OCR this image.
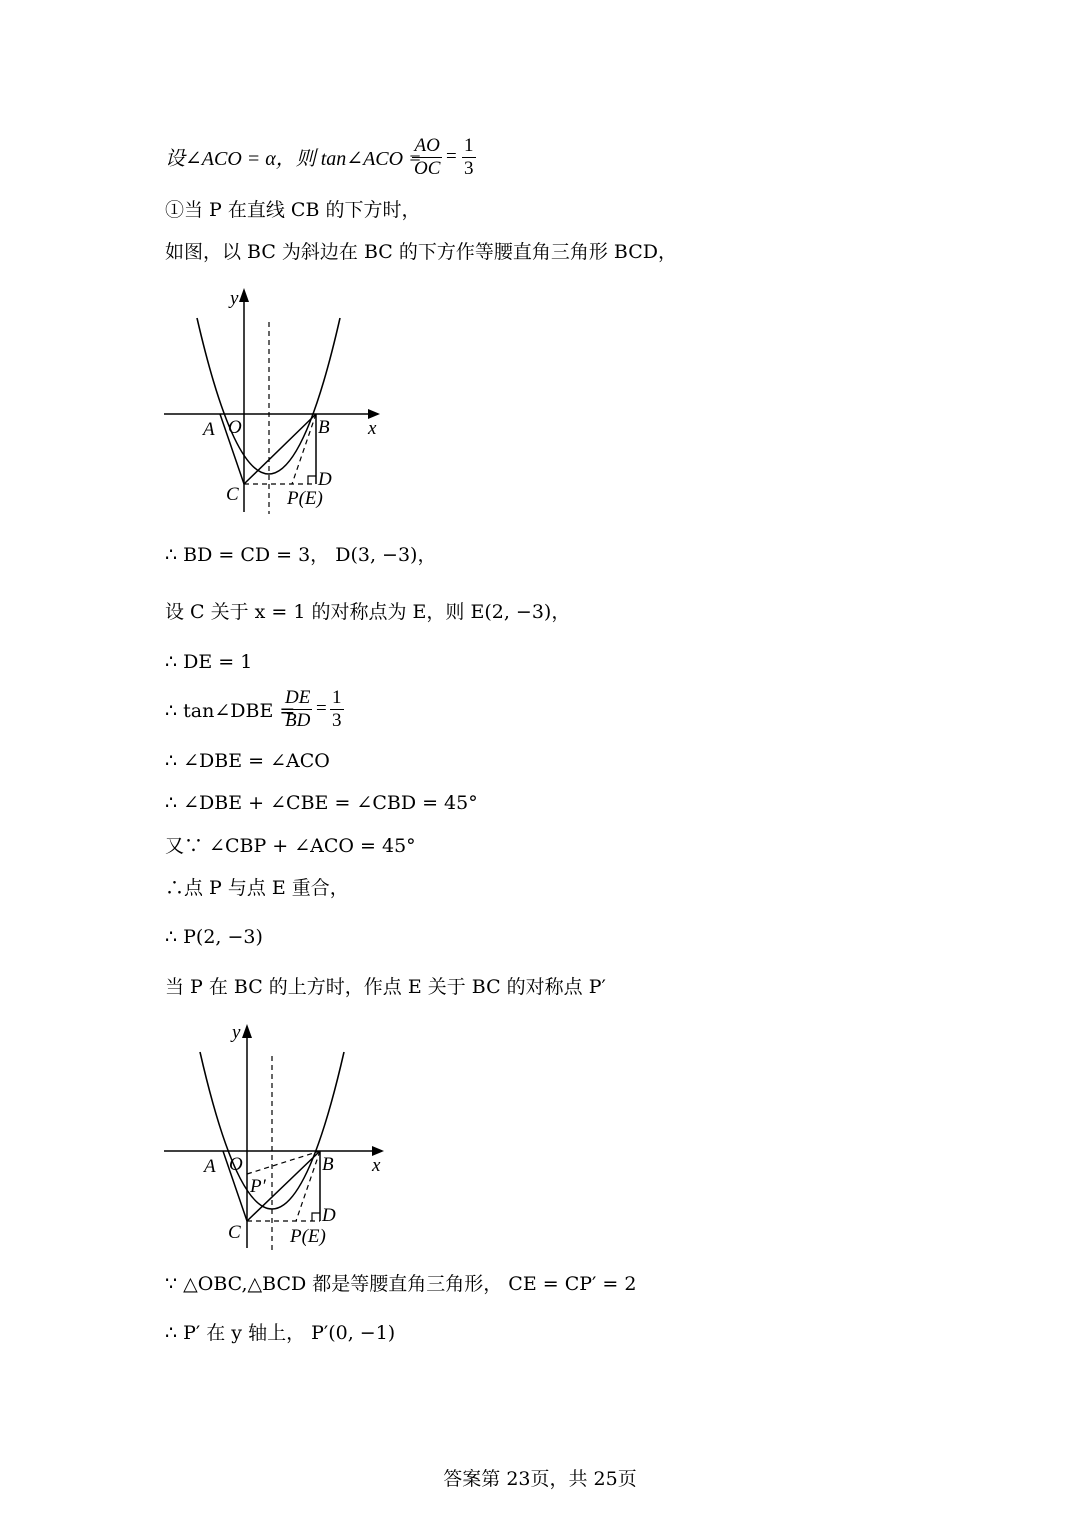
设∠ACO = α，则 tan∠ACO =
$\frac{AO}{OC} = \frac{1}{3}$
①当 P 在直线 CB 的下方时，
如图，以 BC 为斜边在 BC 的下方作等腰直角三角形 BCD，
y
x
A O	B
C
D
P(E)
∴ BD = CD = 3， D(3, −3)，
设 C 关于 x = 1 的对称点为 E，则 E(2, −3)，
∴ DE = 1
∴ tan∠DBE =
$\frac{DE}{BD} = \frac{1}{3}$
∴ ∠DBE = ∠ACO
∴ ∠DBE + ∠CBE = ∠CBD = 45°
又∵ ∠CBP + ∠ACO = 45°
∴点 P 与点 E 重合，
∴ P(2, −3)
当 P 在 BC 的上方时，作点 E 关于 BC 的对称点 P′
y
x
A O	B
P′
C
D
P(E)
∵ △OBC,△BCD 都是等腰直角三角形， CE = CP′ = 2
∴ P′ 在 y 轴上， P′(0, −1)
答案第 23页，共 25页
